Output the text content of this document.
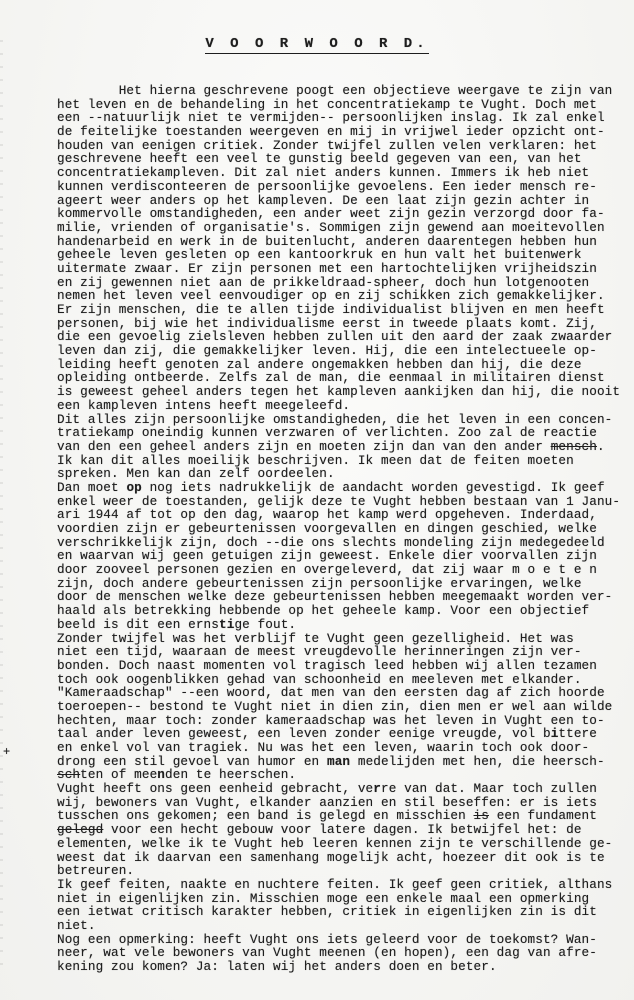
V O O R W O O R D.
Het hierna geschrevene poogt een objectieve weergave te zijn van
het leven en de behandeling in het concentratiekamp te Vught. Doch met
een --natuurlijk niet te vermijden-- persoonlijken inslag. Ik zal enkel
de feitelijke toestanden weergeven en mij in vrijwel ieder opzicht ont-
houden van eenigen critiek. Zonder twijfel zullen velen verklaren: het
geschrevene heeft een veel te gunstig beeld gegeven van een, van het
concentratiekampleven. Dit zal niet anders kunnen. Immers ik heb niet
kunnen verdisconteeren de persoonlijke gevoelens. Een ieder mensch re-
ageert weer anders op het kampleven. De een laat zijn gezin achter in
kommervolle omstandigheden, een ander weet zijn gezin verzorgd door fa-
milie, vrienden of organisatie's. Sommigen zijn gewend aan moeitevollen
handenarbeid en werk in de buitenlucht, anderen daarentegen hebben hun
geheele leven gesleten op een kantoorkruk en hun valt het buitenwerk
uitermate zwaar. Er zijn personen met een hartochtelijken vrijheidszin
en zij gewennen niet aan de prikkeldraad-spheer, doch hun lotgenooten
nemen het leven veel eenvoudiger op en zij schikken zich gemakkelijker.
Er zijn menschen, die te allen tijde individualist blijven en men heeft
personen, bij wie het individualisme eerst in tweede plaats komt. Zij,
die een gevoelig zielsleven hebben zullen uit den aard der zaak zwaarder
leven dan zij, die gemakkelijker leven. Hij, die een intelectueele op-
leiding heeft genoten zal andere ongemakken hebben dan hij, die deze
opleiding ontbeerde. Zelfs zal de man, die eenmaal in militairen dienst
is geweest geheel anders tegen het kampleven aankijken dan hij, die nooit
een kampleven intens heeft meegeleefd.
Dit alles zijn persoonlijke omstandigheden, die het leven in een concen-
tratiekamp oneindig kunnen verzwaren of verlichten. Zoo zal de reactie
van den een geheel anders zijn en moeten zijn dan van den ander mensch.
Ik kan dit alles moeilijk beschrijven. Ik meen dat de feiten moeten
spreken. Men kan dan zelf oordeelen.
Dan moet op nog iets nadrukkelijk de aandacht worden gevestigd. Ik geef
enkel weer de toestanden, gelijk deze te Vught hebben bestaan van 1 Janu-
ari 1944 af tot op den dag, waarop het kamp werd opgeheven. Inderdaad,
voordien zijn er gebeurtenissen voorgevallen en dingen geschied, welke
verschrikkelijk zijn, doch --die ons slechts mondeling zijn medegedeeld
en waarvan wij geen getuigen zijn geweest. Enkele dier voorvallen zijn
door zooveel personen gezien en overgeleverd, dat zij waar m o e t e n
zijn, doch andere gebeurtenissen zijn persoonlijke ervaringen, welke
door de menschen welke deze gebeurtenissen hebben meegemaakt worden ver-
haald als betrekking hebbende op het geheele kamp. Voor een objectief
beeld is dit een ernstige fout.
Zonder twijfel was het verblijf te Vught geen gezelligheid. Het was
niet een tijd, waaraan de meest vreugdevolle herinneringen zijn ver-
bonden. Doch naast momenten vol tragisch leed hebben wij allen tezamen
toch ook oogenblikken gehad van schoonheid en meeleven met elkander.
"Kameraadschap" --een woord, dat men van den eersten dag af zich hoorde
toeroepen-- bestond te Vught niet in dien zin, dien men er wel aan wilde
hechten, maar toch: zonder kameraadschap was het leven in Vught een to-
taal ander leven geweest, een leven zonder eenige vreugde, vol bittere
en enkel vol van tragiek. Nu was het een leven, waarin toch ook door-
drong een stil gevoel van humor en man medelijden met hen, die heersch-
schten of meenden te heerschen.
Vught heeft ons geen eenheid gebracht, verre van dat. Maar toch zullen
wij, bewoners van Vught, elkander aanzien en stil beseffen: er is iets
tusschen ons gekomen; een band is gelegd en misschien is een fundament
gelegd voor een hecht gebouw voor latere dagen. Ik betwijfel het: de
elementen, welke ik te Vught heb leeren kennen zijn te verschillende ge-
weest dat ik daarvan een samenhang mogelijk acht, hoezeer dit ook is te
betreuren.
Ik geef feiten, naakte en nuchtere feiten. Ik geef geen critiek, althans
niet in eigenlijken zin. Misschien moge een enkele maal een opmerking
een ietwat critisch karakter hebben, critiek in eigenlijken zin is dit
niet.
Nog een opmerking: heeft Vught ons iets geleerd voor de toekomst? Wan-
neer, wat vele bewoners van Vught meenen (en hopen), een dag van afre-
kening zou komen? Ja: laten wij het anders doen en beter.
+
